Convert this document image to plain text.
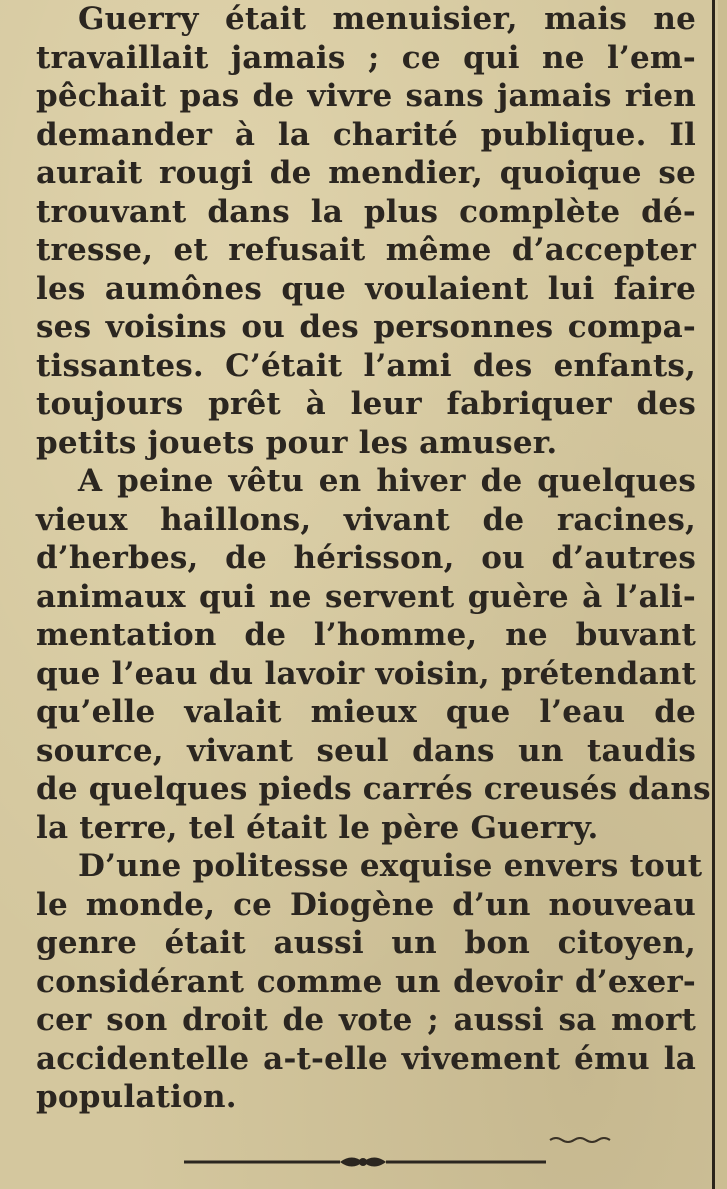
Guerry était menuisier, mais ne
travaillait jamais ; ce qui ne l’em-
pêchait pas de vivre sans jamais rien
demander à la charité publique. Il
aurait rougi de mendier, quoique se
trouvant dans la plus complète dé-
tresse, et refusait même d’accepter
les aumônes que voulaient lui faire
ses voisins ou des personnes compa-
tissantes. C’était l’ami des enfants,
toujours prêt à leur fabriquer des
petits jouets pour les amuser.
A peine vêtu en hiver de quelques
vieux haillons, vivant de racines,
d’herbes, de hérisson, ou d’autres
animaux qui ne servent guère à l’ali-
mentation de l’homme, ne buvant
que l’eau du lavoir voisin, prétendant
qu’elle valait mieux que l’eau de
source, vivant seul dans un taudis
de quelques pieds carrés creusés dans
la terre, tel était le père Guerry.
D’une politesse exquise envers tout
le monde, ce Diogène d’un nouveau
genre était aussi un bon citoyen,
considérant comme un devoir d’exer-
cer son droit de vote ; aussi sa mort
accidentelle a-t-elle vivement ému la
population.
